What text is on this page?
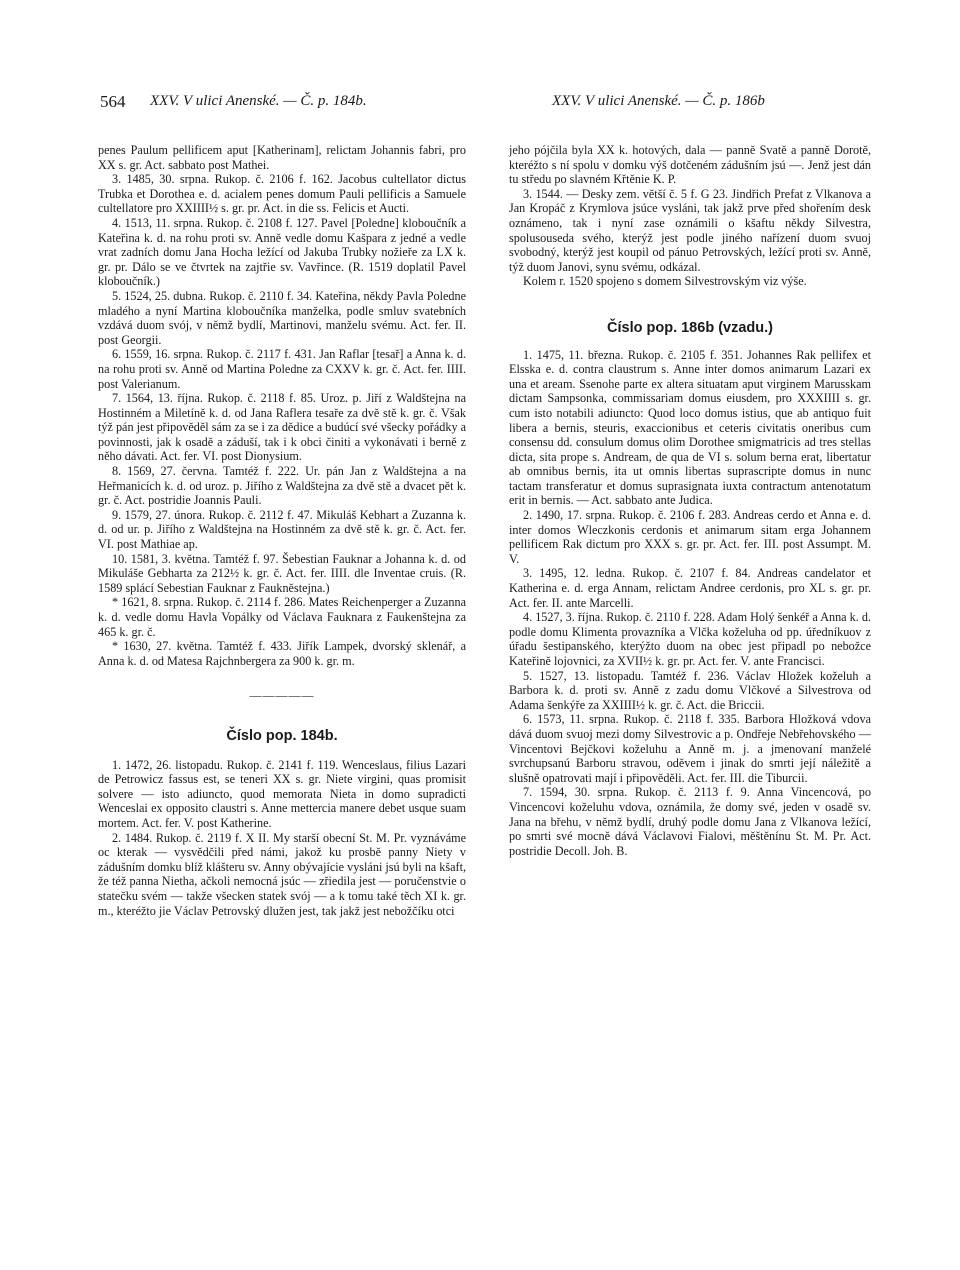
564 XXV. V ulici Anenské. — Č. p. 184b.	XXV. V ulici Anenské. — Č. p. 186b

penes Paulum pellificem aput [Katherinam], relictam Johannis fabri, pro XX s. gr. Act. sabbato post Mathei.

3. 1485, 30. srpna. Rukop. č. 2106 f. 162. Jacobus cultellator dictus Trubka et Dorothea e. d. acialem penes domum Pauli pellificis a Samuele cultellatore pro XXIIII½ s. gr. pr. Act. in die ss. Felicis et Aucti.

4. 1513, 11. srpna. Rukop. č. 2108 f. 127. Pavel [Poledne] kloboučník a Kateřina k. d. na rohu proti sv. Anně vedle domu Kašpara z jedné a vedle vrat zadních domu Jana Hocha ležící od Jakuba Trubky nožieře za LX k. gr. pr. Dálo se ve čtvrtek na zajtřie sv. Vavřince. (R. 1519 doplatil Pavel kloboučník.)

5. 1524, 25. dubna. Rukop. č. 2110 f. 34. Kateřina, někdy Pavla Poledne mladého a nyní Martina kloboučníka manželka, podle smluv svatebních vzdává duom svój, v němž bydlí, Martinovi, manželu svému. Act. fer. II. post Georgii.

6. 1559, 16. srpna. Rukop. č. 2117 f. 431. Jan Raflar [tesař] a Anna k. d. na rohu proti sv. Anně od Martina Poledne za CXXV k. gr. č. Act. fer. IIII. post Valerianum.

7. 1564, 13. října. Rukop. č. 2118 f. 85. Uroz. p. Jiří z Waldštejna na Hostinném a Miletíně k. d. od Jana Raflera tesaře za dvě stě k. gr. č. Však týž pán jest připověděl sám za se i za dědice a budúcí své všecky pořádky a povinnosti, jak k osadě a záduší, tak i k obci činiti a vykonávati i berně z něho dávati. Act. fer. VI. post Dionysium.

8. 1569, 27. června. Tamtéž f. 222. Ur. pán Jan z Waldštejna a na Heřmanicích k. d. od uroz. p. Jiřího z Waldštejna za dvě stě a dvacet pět k. gr. č. Act. postridie Joannis Pauli.

9. 1579, 27. února. Rukop. č. 2112 f. 47. Mikuláš Kebhart a Zuzanna k. d. od ur. p. Jiřího z Waldštejna na Hostinném za dvě stě k. gr. č. Act. fer. VI. post Mathiae ap.

10. 1581, 3. května. Tamtéž f. 97. Šebestian Fauknar a Johanna k. d. od Mikuláše Gebharta za 212½ k. gr. č. Act. fer. IIII. dle Inventae cruis. (R. 1589 splácí Sebestian Fauknar z Faukněstejna.)

* 1621, 8. srpna. Rukop. č. 2114 f. 286. Mates Reichenperger a Zuzanna k. d. vedle domu Havla Vopálky od Václava Fauknara z Faukenštejna za 465 k. gr. č.

* 1630, 27. května. Tamtéž f. 433. Jiřík Lampek, dvorský sklenář, a Anna k. d. od Matesa Rajchnbergera za 900 k. gr. m.

—————
Číslo pop. 184b.

1. 1472, 26. listopadu. Rukop. č. 2141 f. 119. Wenceslaus, filius Lazari de Petrowicz fassus est, se teneri XX s. gr. Niete virgini, quas promisit solvere — isto adiuncto, quod memorata Nieta in domo supradicti Wenceslai ex opposito claustri s. Anne mettercia manere debet usque suam mortem. Act. fer. V. post Katherine.

2. 1484. Rukop. č. 2119 f. X II. My starší obecní St. M. Pr. vyznáváme oc kterak — vysvědčili před námi, jakož ku prosbě panny Niety v zádušním domku blíž klášteru sv. Anny obývajície vysláni jsú byli na kšaft, že též panna Niethа, ačkoli nemocná jsúc — zřiedila jest — poručenstvie o statečku svém — takže všecken statek svój — a k tomu také těch XI k. gr. m., kteréžto jie Václav Petrovský dlužen jest, tak jakž jest nebožčíku otci

jeho pójčila byla XX k. hotových, dala — panně Svatě a panně Dorotě, kteréžto s ní spolu v domku výš dotčeném zádušním jsú —. Jenž jest dán tu středu po slavném Křtěnie K. P.

3. 1544. — Desky zem. větší č. 5 f. G 23. Jindřich Prefat z Vlkanova a Jan Kropáč z Krymlova jsúce vysláni, tak jakž prve před shořením desk oznámeno, tak i nyní zase oznámili o kšaftu někdy Silvestra, spolusouseda svého, kterýž jest podle jiného nařízení duom svuoj svobodný, kterýž jest koupil od pánuo Petrovských, ležící proti sv. Anně, týž duom Janovi, synu svému, odkázal.

Kolem r. 1520 spojeno s domem Silvestrovským viz výše.

Číslo pop. 186b (vzadu.)

1. 1475, 11. března. Rukop. č. 2105 f. 351. Johannes Rak pellifex et Elsska e. d. contra claustrum s. Anne inter domos animarum Lazari ex una et aream. Ssenohe parte ex altera situatam aput virginem Marusskam dictam Sampsonka, commissariam domus eiusdem, pro XXXIIII s. gr. cum isto notabili adiuncto: Quod loco domus istius, que ab antiquo fuit libera a bernis, steuris, exaccionibus et ceteris civitatis oneribus cum consensu dd. consulum domus olim Dorothee smigmatricis ad tres stellas dicta, sita prope s. Andream, de qua de VI s. solum berna erat, libertatur ab omnibus bernis, ita ut omnis libertas suprascripte domus in nunc tactam transferatur et domus suprasignata iuxta contractum antenotatum erit in bernis. — Act. sabbato ante Judica.

2. 1490, 17. srpna. Rukop. č. 2106 f. 283. Andreas cerdo et Anna e. d. inter domos Wleczkonis cerdonis et animarum sitam erga Johannem pellificem Rak dictum pro XXX s. gr. pr. Act. fer. III. post Assumpt. M. V.

3. 1495, 12. ledna. Rukop. č. 2107 f. 84. Andreas candelator et Katherina e. d. erga Annam, relictam Andree cerdonis, pro XL s. gr. pr. Act. fer. II. ante Marcelli.

4. 1527, 3. října. Rukop. č. 2110 f. 228. Adam Holý šenkéř a Anna k. d. podle domu Klimenta provazníka a Vlčka koželuha od pp. úředníkuov z úřadu šestipanského, kterýžto duom na obec jest připadl po nebožce Kateřině lojovnici, za XVII½ k. gr. pr. Act. fer. V. ante Francisci.

5. 1527, 13. listopadu. Tamtéž f. 236. Václav Hložek koželuh a Barbora k. d. proti sv. Anně z zadu domu Vlčkové a Silvestrova od Adama šenkýře za XXIIII½ k. gr. č. Act. die Briccii.

6. 1573, 11. srpna. Rukop. č. 2118 f. 335. Barbora Hložková vdova dává duom svuoj mezi domy Silvestrovic a p. Ondřeje Nebřehovského — Vincentovi Bejčkovi koželuhu a Anně m. j. a jmenovaní manželé svrchupsanú Barboru stravou, oděvem i jinak do smrti její náležitě a slušně opatrovati mají i připověděli. Act. fer. III. die Tiburcii.

7. 1594, 30. srpna. Rukop. č. 2113 f. 9. Anna Vincencová, po Vincencovi koželuhu vdova, oznámila, že domy své, jeden v osadě sv. Jana na břehu, v němž bydlí, druhý podle domu Jana z Vlkanova ležící, po smrti své mocně dává Václavovi Fialovi, měštěnínu St. M. Pr. Act. postridie Decoll. Joh. B.
